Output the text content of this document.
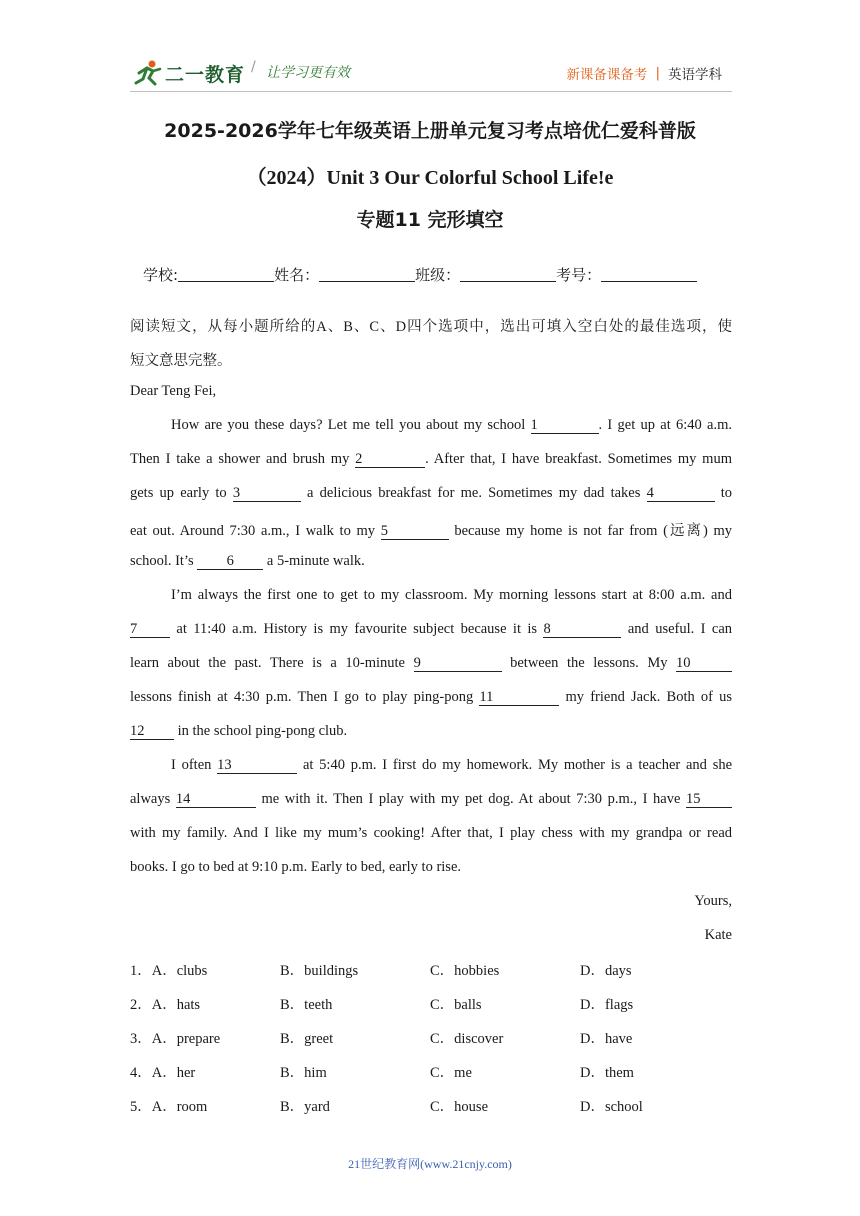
二一教育 / 让学习更有效	新课备课备考 | 英语学科
2025-2026学年七年级英语上册单元复习考点培优仁爱科普版
（2024）Unit 3 Our Colorful School Life!e
专题11 完形填空
学校:	姓名：	班级：	考号：
阅读短文，从每小题所给的A、B、C、D四个选项中，选出可填入空白处的最佳选项，使
短文意思完整。
Dear Teng Fei,
How are you these days? Let me tell you about my school 1	. I get up at 6:40 a.m.
Then I take a shower and brush my 2	. After that, I have breakfast. Sometimes my mum
gets up early to 3	a delicious breakfast for me. Sometimes my dad takes 4	to
eat out. Around 7:30 a.m., I walk to my 5	because my home is not far from (远离) my
school. It’s 6 a 5-minute walk.
I’m always the first one to get to my classroom. My morning lessons start at 8:00 a.m. and
7	at 11:40 a.m. History is my favourite subject because it is 8	and useful. I can
learn about the past. There is a 10-minute 9	between the lessons. My 10
lessons finish at 4:30 p.m. Then I go to play ping-pong 11	my friend Jack. Both of us
12 in the school ping-pong club.
I often 13	at 5:40 p.m. I first do my homework. My mother is a teacher and she
always 14	me with it. Then I play with my pet dog. At about 7:30 p.m., I have 15
with my family. And I like my mum’s cooking! After that, I play chess with my grandpa or read
books. I go to bed at 9:10 p.m. Early to bed, early to rise.
Yours,
Kate
1．A．clubs	B．buildings	C．hobbies	D．days
2．A．hats	B．teeth	C．balls	D．flags
3．A．prepare	B．greet	C．discover	D．have
4．A．her	B．him	C．me	D．them
5．A．room	B．yard	C．house	D．school
21世纪教育网(www.21cnjy.com)
